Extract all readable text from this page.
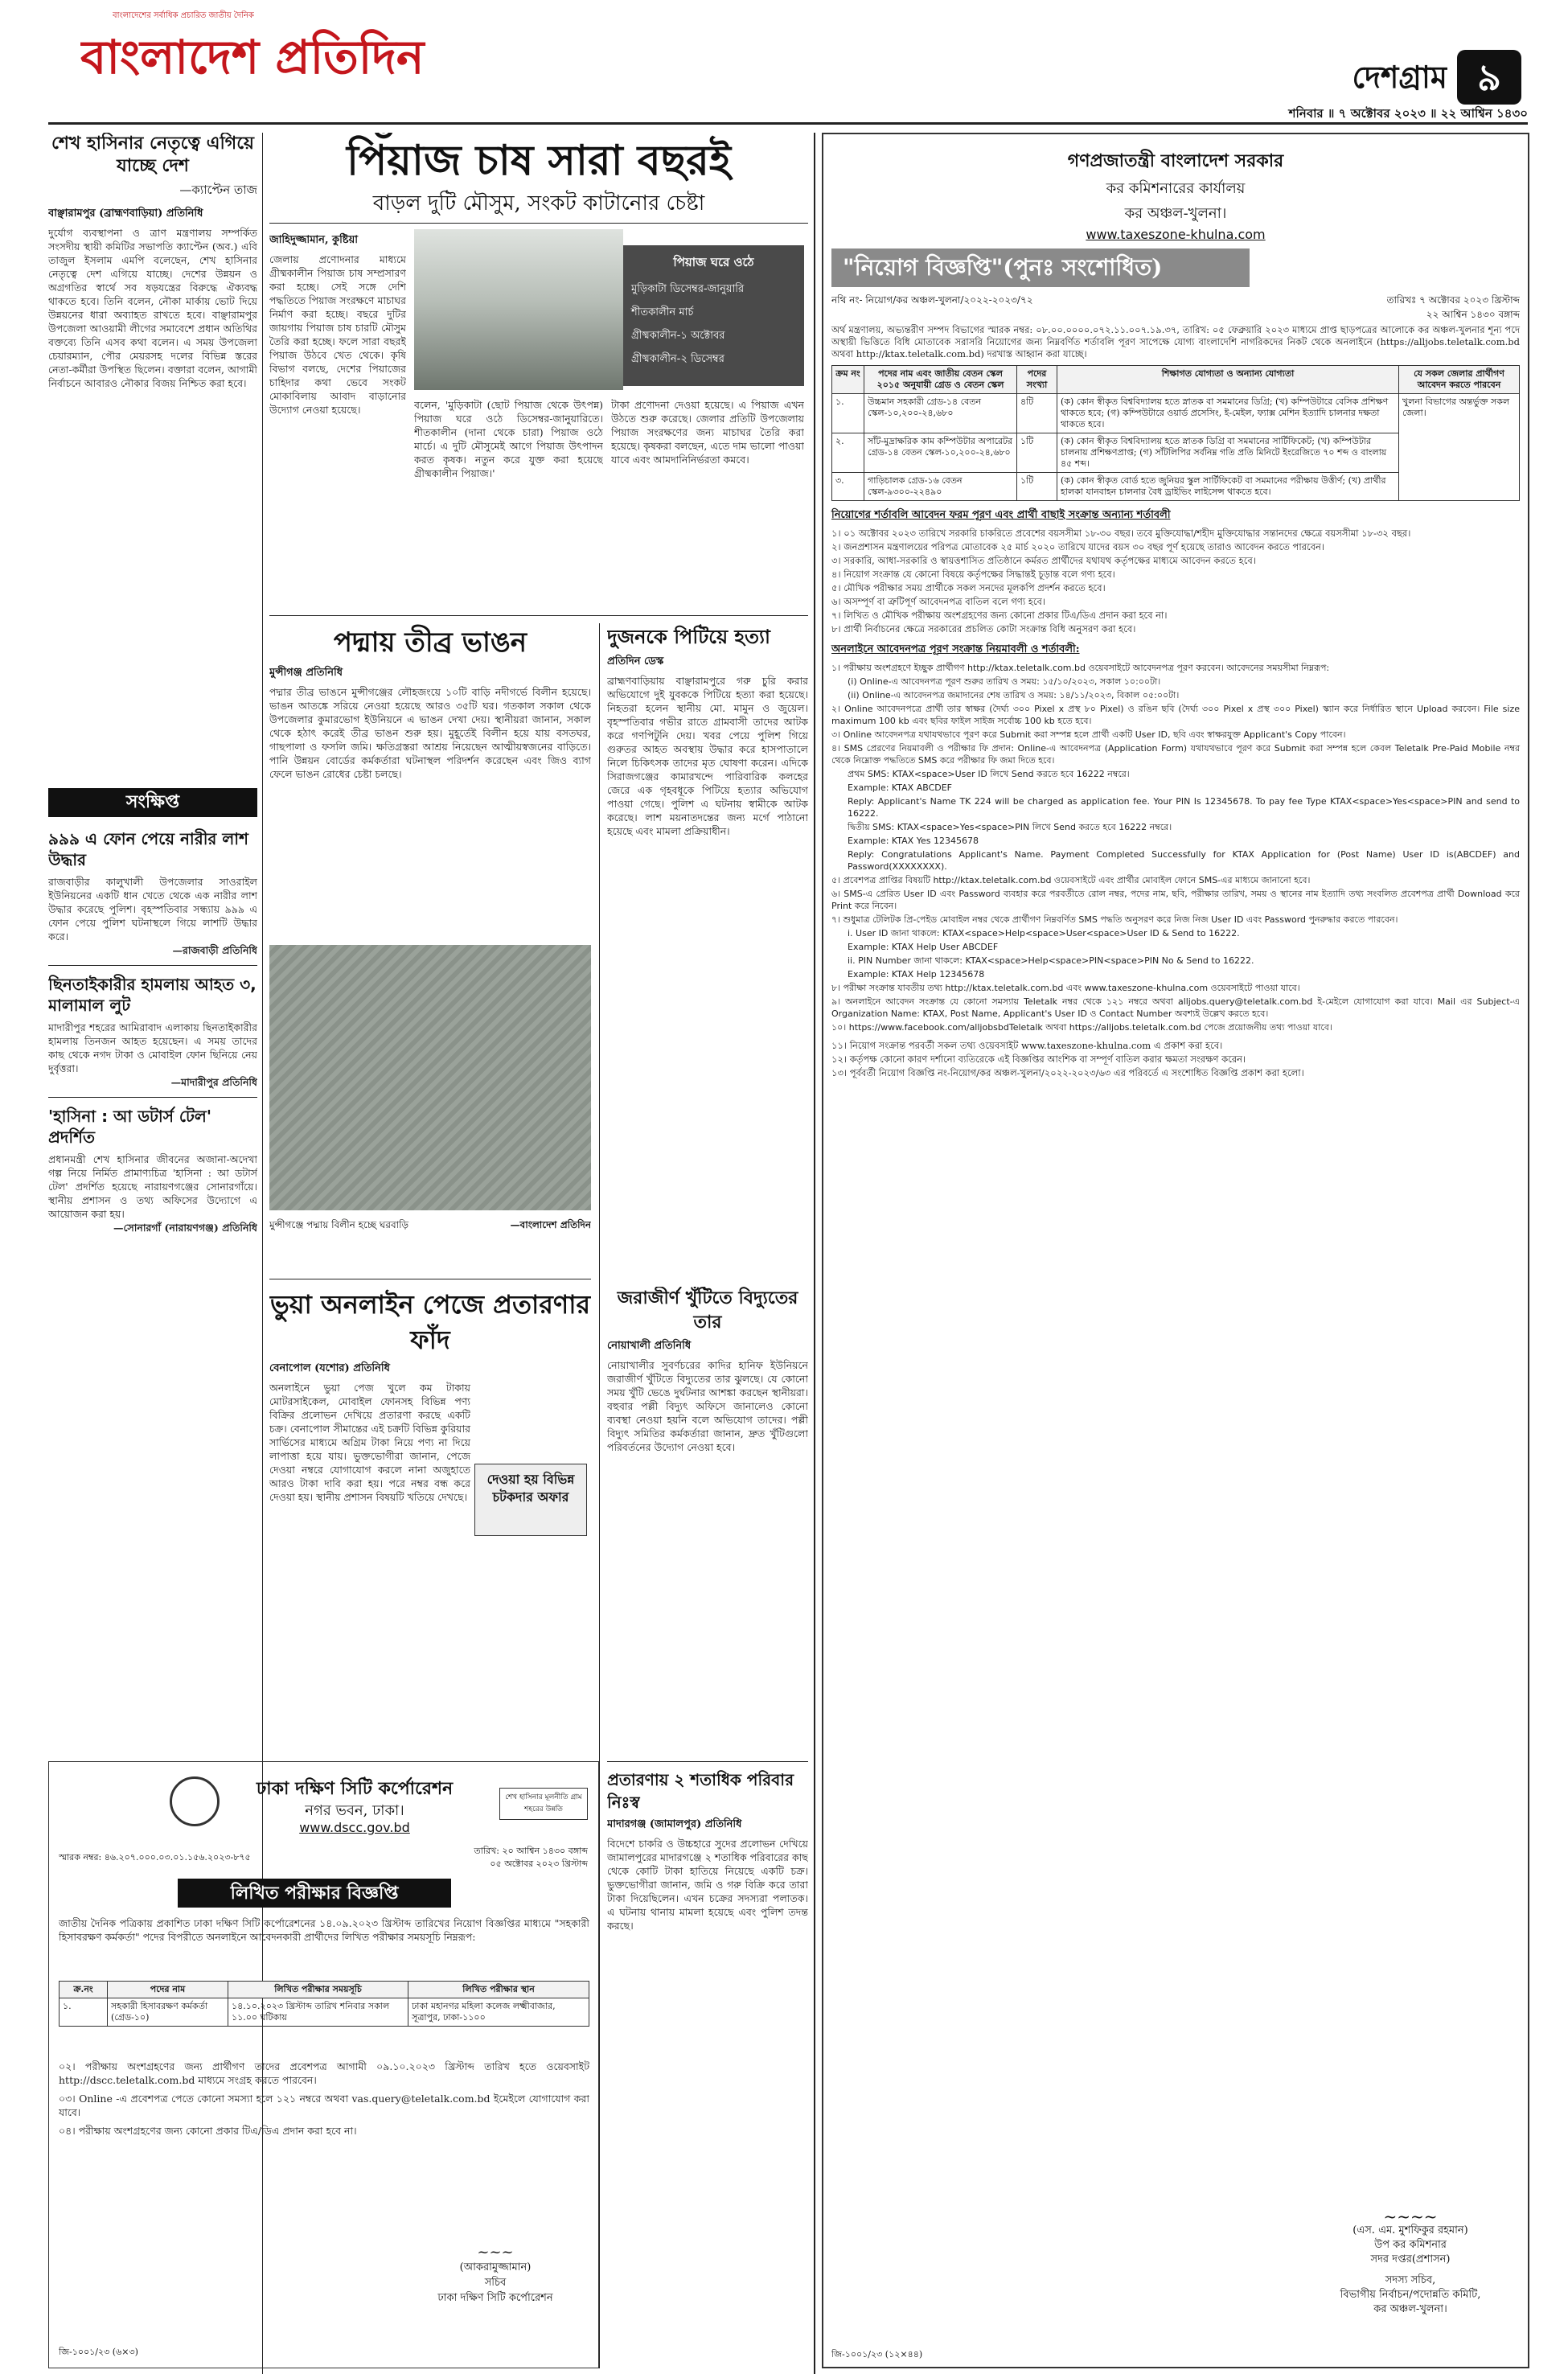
বাংলাদেশের সর্বাধিক প্রচারিত জাতীয় দৈনিক
বাংলাদেশ প্রতিদিন	দেশগ্রাম ৯
শনিবার ॥ ৭ অক্টোবর ২০২৩ ॥ ২২ আশ্বিন ১৪৩০
শেখ হাসিনার নেতৃত্বে এগিয়ে যাচ্ছে দেশ
—ক্যাপ্টেন তাজ
বাঞ্ছারামপুর (ব্রাহ্মণবাড়িয়া) প্রতিনিধি
দুর্যোগ ব্যবস্থাপনা ও ত্রাণ মন্ত্রণালয় সম্পর্কিত সংসদীয় স্থায়ী কমিটির সভাপতি ক্যাপ্টেন (অব.) এবি তাজুল ইসলাম এমপি বলেছেন, শেখ হাসিনার নেতৃত্বে দেশ এগিয়ে যাচ্ছে। দেশের উন্নয়ন ও অগ্রগতির স্বার্থে সব ষড়যন্ত্রের বিরুদ্ধে ঐক্যবদ্ধ থাকতে হবে। তিনি বলেন, নৌকা মার্কায় ভোট দিয়ে উন্নয়নের ধারা অব্যাহত রাখতে হবে। বাঞ্ছারামপুর উপজেলা আওয়ামী লীগের সমাবেশে প্রধান অতিথির বক্তব্যে তিনি এসব কথা বলেন। এ সময় উপজেলা চেয়ারম্যান, পৌর মেয়রসহ দলের বিভিন্ন স্তরের নেতা-কর্মীরা উপস্থিত ছিলেন। বক্তারা বলেন, আগামী নির্বাচনে আবারও নৌকার বিজয় নিশ্চিত করা হবে।
সংক্ষিপ্ত
৯৯৯ এ ফোন পেয়ে নারীর লাশ উদ্ধার
রাজবাড়ীর কালুখালী উপজেলার সাওরাইল ইউনিয়নের একটি ধান খেতে থেকে এক নারীর লাশ উদ্ধার করেছে পুলিশ। বৃহস্পতিবার সন্ধ্যায় ৯৯৯ এ ফোন পেয়ে পুলিশ ঘটনাস্থলে গিয়ে লাশটি উদ্ধার করে।
—রাজবাড়ী প্রতিনিধি
ছিনতাইকারীর হামলায় আহত ৩, মালামাল লুট
মাদারীপুর শহরের আমিরাবাদ এলাকায় ছিনতাইকারীর হামলায় তিনজন আহত হয়েছেন। এ সময় তাদের কাছ থেকে নগদ টাকা ও মোবাইল ফোন ছিনিয়ে নেয় দুর্বৃত্তরা।
—মাদারীপুর প্রতিনিধি
'হাসিনা : আ ডটার্স টেল' প্রদর্শিত
প্রধানমন্ত্রী শেখ হাসিনার জীবনের অজানা-অদেখা গল্প নিয়ে নির্মিত প্রামাণ্যচিত্র 'হাসিনা : আ ডটার্স টেল' প্রদর্শিত হয়েছে নারায়ণগঞ্জের সোনারগাঁয়ে। স্থানীয় প্রশাসন ও তথ্য অফিসের উদ্যোগে এ আয়োজন করা হয়।
—সোনারগাঁ (নারায়ণগঞ্জ) প্রতিনিধি
পিঁয়াজ চাষ সারা বছরই
বাড়ল দুটি মৌসুম, সংকট কাটানোর চেষ্টা
জাহিদুজ্জামান, কুষ্টিয়া
জেলায় প্রণোদনার মাধ্যমে গ্রীষ্মকালীন পিয়াজ চাষ সম্প্রসারণ করা হচ্ছে। সেই সঙ্গে দেশি পদ্ধতিতে পিয়াজ সংরক্ষণে মাচাঘর নির্মাণ করা হচ্ছে। বছরে দুটির জায়গায় পিয়াজ চাষ চারটি মৌসুম তৈরি করা হচ্ছে। ফলে সারা বছরই পিয়াজ উঠবে খেত থেকে। কৃষি বিভাগ বলছে, দেশের পিয়াজের চাহিদার কথা ভেবে সংকট মোকাবিলায় আবাদ বাড়ানোর উদ্যোগ নেওয়া হয়েছে।
পিয়াজ ঘরে ওঠে
মুড়িকাটা ডিসেম্বর-জানুয়ারি
শীতকালীন মার্চ
গ্রীষ্মকালীন-১ অক্টোবর
গ্রীষ্মকালীন-২ ডিসেম্বর
বলেন, 'মুড়িকাটা (ছোট পিয়াজ থেকে উৎপন্ন) পিয়াজ ঘরে ওঠে ডিসেম্বর-জানুয়ারিতে। শীতকালীন (দানা থেকে চারা) পিয়াজ ওঠে মার্চে। এ দুটি মৌসুমেই আগে পিয়াজ উৎপাদন করত কৃষক। নতুন করে যুক্ত করা হয়েছে গ্রীষ্মকালীন পিয়াজ।'
টাকা প্রণোদনা দেওয়া হয়েছে। এ পিয়াজ এখন উঠতে শুরু করেছে। জেলার প্রতিটি উপজেলায় পিয়াজ সংরক্ষণের জন্য মাচাঘর তৈরি করা হয়েছে। কৃষকরা বলছেন, এতে দাম ভালো পাওয়া যাবে এবং আমদানিনির্ভরতা কমবে।
পদ্মায় তীব্র ভাঙন
মুন্সীগঞ্জ প্রতিনিধি
পদ্মার তীব্র ভাঙনে মুন্সীগঞ্জের লৌহজংয়ে ১০টি বাড়ি নদীগর্ভে বিলীন হয়েছে। ভাঙন আতঙ্কে সরিয়ে নেওয়া হয়েছে আরও ৩৫টি ঘর। গতকাল সকাল থেকে উপজেলার কুমারভোগ ইউনিয়নে এ ভাঙন দেখা দেয়। স্থানীয়রা জানান, সকাল থেকে হঠাৎ করেই তীব্র ভাঙন শুরু হয়। মুহূর্তেই বিলীন হয়ে যায় বসতঘর, গাছপালা ও ফসলি জমি। ক্ষতিগ্রস্তরা আশ্রয় নিয়েছেন আত্মীয়স্বজনের বাড়িতে। পানি উন্নয়ন বোর্ডের কর্মকর্তারা ঘটনাস্থল পরিদর্শন করেছেন এবং জিও ব্যাগ ফেলে ভাঙন রোধের চেষ্টা চলছে।
মুন্সীগঞ্জে পদ্মায় বিলীন হচ্ছে ঘরবাড়ি	—বাংলাদেশ প্রতিদিন
দুজনকে পিটিয়ে হত্যা
প্রতিদিন ডেস্ক
ব্রাহ্মণবাড়িয়ায় বাঞ্ছারামপুরে গরু চুরি করার অভিযোগে দুই যুবককে পিটিয়ে হত্যা করা হয়েছে। নিহতরা হলেন স্থানীয় মো. মামুন ও জুয়েল। বৃহস্পতিবার গভীর রাতে গ্রামবাসী তাদের আটক করে গণপিটুনি দেয়। খবর পেয়ে পুলিশ গিয়ে গুরুতর আহত অবস্থায় উদ্ধার করে হাসপাতালে নিলে চিকিৎসক তাদের মৃত ঘোষণা করেন। এদিকে সিরাজগঞ্জের কামারখন্দে পারিবারিক কলহের জেরে এক গৃহবধূকে পিটিয়ে হত্যার অভিযোগ পাওয়া গেছে। পুলিশ এ ঘটনায় স্বামীকে আটক করেছে। লাশ ময়নাতদন্তের জন্য মর্গে পাঠানো হয়েছে এবং মামলা প্রক্রিয়াধীন।
ভুয়া অনলাইন পেজে প্রতারণার ফাঁদ
বেনাপোল (যশোর) প্রতিনিধি
অনলাইনে ভুয়া পেজ খুলে কম টাকায় মোটরসাইকেল, মোবাইল ফোনসহ বিভিন্ন পণ্য বিক্রির প্রলোভন দেখিয়ে প্রতারণা করছে একটি চক্র। বেনাপোল সীমান্তের এই চক্রটি বিভিন্ন কুরিয়ার সার্ভিসের মাধ্যমে অগ্রিম টাকা নিয়ে পণ্য না দিয়ে লাপাত্তা হয়ে যায়। ভুক্তভোগীরা জানান, পেজে দেওয়া নম্বরে যোগাযোগ করলে নানা অজুহাতে আরও টাকা দাবি করা হয়। পরে নম্বর বন্ধ করে দেওয়া হয়। স্থানীয় প্রশাসন বিষয়টি খতিয়ে দেখছে।
দেওয়া হয় বিভিন্ন চটকদার অফার
জরাজীর্ণ খুঁটিতে বিদ্যুতের তার
নোয়াখালী প্রতিনিধি
নোয়াখালীর সুবর্ণচরের কাদির হানিফ ইউনিয়নে জরাজীর্ণ খুঁটিতে বিদ্যুতের তার ঝুলছে। যে কোনো সময় খুঁটি ভেঙে দুর্ঘটনার আশঙ্কা করছেন স্থানীয়রা। বহুবার পল্লী বিদ্যুৎ অফিসে জানালেও কোনো ব্যবস্থা নেওয়া হয়নি বলে অভিযোগ তাদের। পল্লী বিদ্যুৎ সমিতির কর্মকর্তারা জানান, দ্রুত খুঁটিগুলো পরিবর্তনের উদ্যোগ নেওয়া হবে।
প্রতারণায় ২ শতাধিক পরিবার নিঃস্ব
মাদারগঞ্জ (জামালপুর) প্রতিনিধি
বিদেশে চাকরি ও উচ্চহারে সুদের প্রলোভন দেখিয়ে জামালপুরের মাদারগঞ্জে ২ শতাধিক পরিবারের কাছ থেকে কোটি টাকা হাতিয়ে নিয়েছে একটি চক্র। ভুক্তভোগীরা জানান, জমি ও গরু বিক্রি করে তারা টাকা দিয়েছিলেন। এখন চক্রের সদস্যরা পলাতক। এ ঘটনায় থানায় মামলা হয়েছে এবং পুলিশ তদন্ত করছে।
ঢাকা দক্ষিণ সিটি কর্পোরেশন
নগর ভবন, ঢাকা।
www.dscc.gov.bd
শেখ হাসিনার মূলনীতি গ্রাম শহরের উন্নতি
স্মারক নম্বর: ৪৬.২০৭.০০০.০৩.০১.১৫৬.২০২৩-৮৭৫
তারিখ: ২০ আশ্বিন ১৪৩০ বঙ্গাব্দ
০৫ অক্টোবর ২০২৩ খ্রিস্টাব্দ
লিখিত পরীক্ষার বিজ্ঞপ্তি
জাতীয় দৈনিক পত্রিকায় প্রকাশিত ঢাকা দক্ষিণ সিটি কর্পোরেশনের ১৪.০৯.২০২৩ খ্রিস্টাব্দ তারিখের নিয়োগ বিজ্ঞপ্তির মাধ্যমে "সহকারী হিসাবরক্ষণ কর্মকর্তা" পদের বিপরীতে অনলাইনে আবেদনকারী প্রার্থীদের লিখিত পরীক্ষার সময়সূচি নিম্নরূপ:
ক্র.নং	পদের নাম	লিখিত পরীক্ষার সময়সূচি	লিখিত পরীক্ষার স্থান
১.	সহকারী হিসাবরক্ষণ কর্মকর্তা (গ্রেড-১০)	১৪.১০.২০২৩ খ্রিস্টাব্দ তারিখ শনিবার সকাল ১১.০০ ঘটিকায়	ঢাকা মহানগর মহিলা কলেজ লক্ষ্মীবাজার, সূত্রাপুর, ঢাকা-১১০০
০২। পরীক্ষায় অংশগ্রহণের জন্য প্রার্থীগণ তাদের প্রবেশপত্র আগামী ০৯.১০.২০২৩ খ্রিস্টাব্দ তারিখ হতে ওয়েবসাইট http://dscc.teletalk.com.bd মাধ্যমে সংগ্রহ করতে পারবেন।
০৩। Online -এ প্রবেশপত্র পেতে কোনো সমস্যা হলে ১২১ নম্বরে অথবা vas.query@teletalk.com.bd ইমেইলে যোগাযোগ করা যাবে।
০৪। পরীক্ষায় অংশগ্রহণের জন্য কোনো প্রকার টিএ/ডিএ প্রদান করা হবে না।
~~~
(আকরামুজ্জামান)
সচিব
ঢাকা দক্ষিণ সিটি কর্পোরেশন
জি-১০০১/২৩ (৬×৩)
গণপ্রজাতন্ত্রী বাংলাদেশ সরকার
কর কমিশনারের কার্যালয়
কর অঞ্চল-খুলনা।
www.taxeszone-khulna.com
"নিয়োগ বিজ্ঞপ্তি"(পুনঃ সংশোধিত)
নথি নং- নিয়োগ/কর অঞ্চল-খুলনা/২০২২-২০২৩/৭২	তারিখঃ ৭ অক্টোবর ২০২৩ খ্রিস্টাব্দ
২২ আশ্বিন ১৪৩০ বঙ্গাব্দ
অর্থ মন্ত্রণালয়, অভ্যন্তরীণ সম্পদ বিভাগের স্মারক নম্বর: ০৮.০০.০০০০.০৭২.১১.০০৭.১৯.৩৭, তারিখ: ০৫ ফেব্রুয়ারি ২০২৩ মাধ্যমে প্রাপ্ত ছাড়পত্রের আলোকে কর অঞ্চল-খুলনার শূন্য পদে অস্থায়ী ভিত্তিতে বিধি মোতাবেক সরাসরি নিয়োগের জন্য নিম্নবর্ণিত শর্তাবলি পূরণ সাপেক্ষে যোগ্য বাংলাদেশি নাগরিকদের নিকট থেকে অনলাইনে (https://alljobs.teletalk.com.bd অথবা http://ktax.teletalk.com.bd) দরখাস্ত আহ্বান করা যাচ্ছে।
ক্রম নং	পদের নাম এবং জাতীয় বেতন স্কেল ২০১৫ অনুযায়ী গ্রেড ও বেতন স্কেল	পদের সংখ্যা	শিক্ষাগত যোগ্যতা ও অন্যান্য যোগ্যতা	যে সকল জেলার প্রার্থীগণ আবেদন করতে পারবেন
১.	উচ্চমান সহকারী গ্রেড-১৪ বেতন স্কেল-১০,২০০-২৪,৬৮০	৪টি	(ক) কোন স্বীকৃত বিশ্ববিদ্যালয় হতে স্নাতক বা সমমানের ডিগ্রি; (খ) কম্পিউটারে বেসিক প্রশিক্ষণ থাকতে হবে; (গ) কম্পিউটারে ওয়ার্ড প্রসেসিং, ই-মেইল, ফ্যাক্স মেশিন ইত্যাদি চালনার দক্ষতা থাকতে হবে।	খুলনা বিভাগের অন্তর্ভুক্ত সকল জেলা।
২.	সাঁট-মুদ্রাক্ষরিক কাম কম্পিউটার অপারেটর গ্রেড-১৪ বেতন স্কেল-১০,২০০-২৪,৬৮০	১টি	(ক) কোন স্বীকৃত বিশ্ববিদ্যালয় হতে স্নাতক ডিগ্রি বা সমমানের সার্টিফিকেট; (খ) কম্পিউটার চালনায় প্রশিক্ষণপ্রাপ্ত; (গ) সাঁটলিপির সর্বনিম্ন গতি প্রতি মিনিটে ইংরেজিতে ৭০ শব্দ ও বাংলায় ৪৫ শব্দ।	
৩.	গাড়িচালক গ্রেড-১৬ বেতন স্কেল-৯৩০০-২২৪৯০	১টি	(ক) কোন স্বীকৃত বোর্ড হতে জুনিয়র স্কুল সার্টিফিকেট বা সমমানের পরীক্ষায় উত্তীর্ণ; (খ) প্রার্থীর হালকা যানবাহন চালনার বৈধ ড্রাইভিং লাইসেন্স থাকতে হবে।	
নিয়োগের শর্তাবলি আবেদন ফরম পূরণ এবং প্রার্থী বাছাই সংক্রান্ত অন্যান্য শর্তাবলী
১। ০১ অক্টোবর ২০২৩ তারিখে সরকারি চাকরিতে প্রবেশের বয়সসীমা ১৮-৩০ বছর। তবে মুক্তিযোদ্ধা/শহীদ মুক্তিযোদ্ধার সন্তানদের ক্ষেত্রে বয়সসীমা ১৮-৩২ বছর।
২। জনপ্রশাসন মন্ত্রণালয়ের পরিপত্র মোতাবেক ২৫ মার্চ ২০২০ তারিখে যাদের বয়স ৩০ বছর পূর্ণ হয়েছে তারাও আবেদন করতে পারবেন।
৩। সরকারি, আধা-সরকারি ও স্বায়ত্তশাসিত প্রতিষ্ঠানে কর্মরত প্রার্থীদের যথাযথ কর্তৃপক্ষের মাধ্যমে আবেদন করতে হবে।
৪। নিয়োগ সংক্রান্ত যে কোনো বিষয়ে কর্তৃপক্ষের সিদ্ধান্তই চূড়ান্ত বলে গণ্য হবে।
৫। মৌখিক পরীক্ষার সময় প্রার্থীকে সকল সনদের মূলকপি প্রদর্শন করতে হবে।
৬। অসম্পূর্ণ বা ত্রুটিপূর্ণ আবেদনপত্র বাতিল বলে গণ্য হবে।
৭। লিখিত ও মৌখিক পরীক্ষায় অংশগ্রহণের জন্য কোনো প্রকার টিএ/ডিএ প্রদান করা হবে না।
৮। প্রার্থী নির্বাচনের ক্ষেত্রে সরকারের প্রচলিত কোটা সংক্রান্ত বিধি অনুসরণ করা হবে।
অনলাইনে আবেদনপত্র পূরণ সংক্রান্ত নিয়মাবলী ও শর্তাবলী:
১। পরীক্ষায় অংশগ্রহণে ইচ্ছুক প্রার্থীগণ http://ktax.teletalk.com.bd ওয়েবসাইটে আবেদনপত্র পূরণ করবেন। আবেদনের সময়সীমা নিম্নরূপ:
(i) Online-এ আবেদনপত্র পূরণ শুরুর তারিখ ও সময়: ১৫/১০/২০২৩, সকাল ১০:০০টা।
(ii) Online-এ আবেদনপত্র জমাদানের শেষ তারিখ ও সময়: ১৪/১১/২০২৩, বিকাল ০৫:০০টা।
২। Online আবেদনপত্রে প্রার্থী তার স্বাক্ষর (দৈর্ঘ্য ৩০০ Pixel x প্রস্থ ৮০ Pixel) ও রঙিন ছবি (দৈর্ঘ্য ৩০০ Pixel x প্রস্থ ৩০০ Pixel) স্ক্যান করে নির্ধারিত স্থানে Upload করবেন। File size maximum 100 kb এবং ছবির ফাইল সাইজ সর্বোচ্চ 100 kb হতে হবে।
৩। Online আবেদনপত্র যথাযথভাবে পূরণ করে Submit করা সম্পন্ন হলে প্রার্থী একটি User ID, ছবি এবং স্বাক্ষরযুক্ত Applicant's Copy পাবেন।
৪। SMS প্রেরণের নিয়মাবলী ও পরীক্ষার ফি প্রদান: Online-এ আবেদনপত্র (Application Form) যথাযথভাবে পূরণ করে Submit করা সম্পন্ন হলে কেবল Teletalk Pre-Paid Mobile নম্বর থেকে নিম্নোক্ত পদ্ধতিতে SMS করে পরীক্ষার ফি জমা দিতে হবে।
প্রথম SMS: KTAX<space>User ID লিখে Send করতে হবে 16222 নম্বরে।
Example: KTAX ABCDEF
Reply: Applicant's Name TK 224 will be charged as application fee. Your PIN Is 12345678. To pay fee Type KTAX<space>Yes<space>PIN and send to 16222.
দ্বিতীয় SMS: KTAX<space>Yes<space>PIN লিখে Send করতে হবে 16222 নম্বরে।
Example: KTAX Yes 12345678
Reply: Congratulations Applicant's Name. Payment Completed Successfully for KTAX Application for (Post Name) User ID is(ABCDEF) and Password(XXXXXXXX).
৫। প্রবেশপত্র প্রাপ্তির বিষয়টি http://ktax.teletalk.com.bd ওয়েবসাইটে এবং প্রার্থীর মোবাইল ফোনে SMS-এর মাধ্যমে জানানো হবে।
৬। SMS-এ প্রেরিত User ID এবং Password ব্যবহার করে পরবর্তীতে রোল নম্বর, পদের নাম, ছবি, পরীক্ষার তারিখ, সময় ও স্থানের নাম ইত্যাদি তথ্য সংবলিত প্রবেশপত্র প্রার্থী Download করে Print করে নিবেন।
৭। শুধুমাত্র টেলিটক প্রি-পেইড মোবাইল নম্বর থেকে প্রার্থীগণ নিম্নবর্ণিত SMS পদ্ধতি অনুসরণ করে নিজ নিজ User ID এবং Password পুনরুদ্ধার করতে পারবেন।
i. User ID জানা থাকলে: KTAX<space>Help<space>User<space>User ID & Send to 16222.
Example: KTAX Help User ABCDEF
ii. PIN Number জানা থাকলে: KTAX<space>Help<space>PIN<space>PIN No & Send to 16222.
Example: KTAX Help 12345678
৮। পরীক্ষা সংক্রান্ত যাবতীয় তথ্য http://ktax.teletalk.com.bd এবং www.taxeszone-khulna.com ওয়েবসাইটে পাওয়া যাবে।
৯। অনলাইনে আবেদন সংক্রান্ত যে কোনো সমস্যায় Teletalk নম্বর থেকে ১২১ নম্বরে অথবা alljobs.query@teletalk.com.bd ই-মেইলে যোগাযোগ করা যাবে। Mail এর Subject-এ Organization Name: KTAX, Post Name, Applicant's User ID ও Contact Number অবশ্যই উল্লেখ করতে হবে।
১০। https://www.facebook.com/alljobsbdTeletalk অথবা https://alljobs.teletalk.com.bd পেজে প্রয়োজনীয় তথ্য পাওয়া যাবে।
১১। নিয়োগ সংক্রান্ত পরবর্তী সকল তথ্য ওয়েবসাইট www.taxeszone-khulna.com এ প্রকাশ করা হবে।
১২। কর্তৃপক্ষ কোনো কারণ দর্শানো ব্যতিরেকে এই বিজ্ঞপ্তির আংশিক বা সম্পূর্ণ বাতিল করার ক্ষমতা সংরক্ষণ করেন।
১৩। পূর্ববর্তী নিয়োগ বিজ্ঞপ্তি নং-নিয়োগ/কর অঞ্চল-খুলনা/২০২২-২০২৩/৬৩ এর পরিবর্তে এ সংশোধিত বিজ্ঞপ্তি প্রকাশ করা হলো।
~~~~
(এস. এম. মুশফিকুর রহমান)
উপ কর কমিশনার
সদর দপ্তর(প্রশাসন)
সদস্য সচিব,
বিভাগীয় নির্বাচন/পদোন্নতি কমিটি,
কর অঞ্চল-খুলনা।
জি-১০০১/২৩ (১২×৪৪)
